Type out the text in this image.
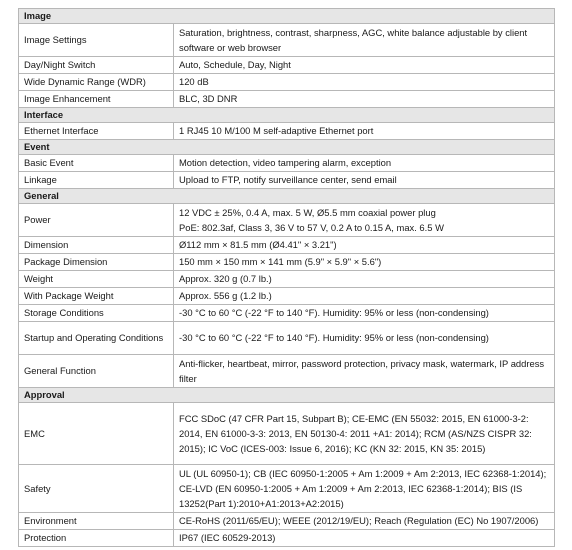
Image	
Image Settings	Saturation, brightness, contrast, sharpness, AGC, white balance adjustable by client software or web browser
Day/Night Switch	Auto, Schedule, Day, Night
Wide Dynamic Range (WDR)	120 dB
Image Enhancement	BLC, 3D DNR
Interface	
Ethernet Interface	1 RJ45 10 M/100 M self-adaptive Ethernet port
Event	
Basic Event	Motion detection, video tampering alarm, exception
Linkage	Upload to FTP, notify surveillance center, send email
General	
Power	12 VDC ± 25%, 0.4 A, max. 5 W, Ø5.5 mm coaxial power plug
PoE: 802.3af, Class 3, 36 V to 57 V, 0.2 A to 0.15 A, max. 6.5 W

Dimension	Ø112 mm × 81.5 mm (Ø4.41" × 3.21")
Package Dimension	150 mm × 150 mm × 141 mm (5.9" × 5.9" × 5.6")
Weight	Approx. 320 g (0.7 lb.)
With Package Weight	Approx. 556 g (1.2 lb.)
Storage Conditions	-30 °C to 60 °C (-22 °F to 140 °F). Humidity: 95% or less (non-condensing)
Startup and Operating Conditions	-30 °C to 60 °C (-22 °F to 140 °F). Humidity: 95% or less (non-condensing)
General Function	Anti-flicker, heartbeat, mirror, password protection, privacy mask, watermark, IP address filter
Approval	
EMC	FCC SDoC (47 CFR Part 15, Subpart B); CE-EMC (EN 55032: 2015, EN 61000-3-2: 2014, EN 61000-3-3: 2013, EN 50130-4: 2011 +A1: 2014); RCM (AS/NZS CISPR 32: 2015); IC VoC (ICES-003: Issue 6, 2016); KC (KN 32: 2015, KN 35: 2015)
Safety	UL (UL 60950-1); CB (IEC 60950-1:2005 + Am 1:2009 + Am 2:2013, IEC 62368-1:2014); CE-LVD (EN 60950-1:2005 + Am 1:2009 + Am 2:2013, IEC 62368-1:2014); BIS (IS 13252(Part 1):2010+A1:2013+A2:2015)
Environment	CE-RoHS (2011/65/EU); WEEE (2012/19/EU); Reach (Regulation (EC) No 1907/2006)
Protection	IP67 (IEC 60529-2013)
